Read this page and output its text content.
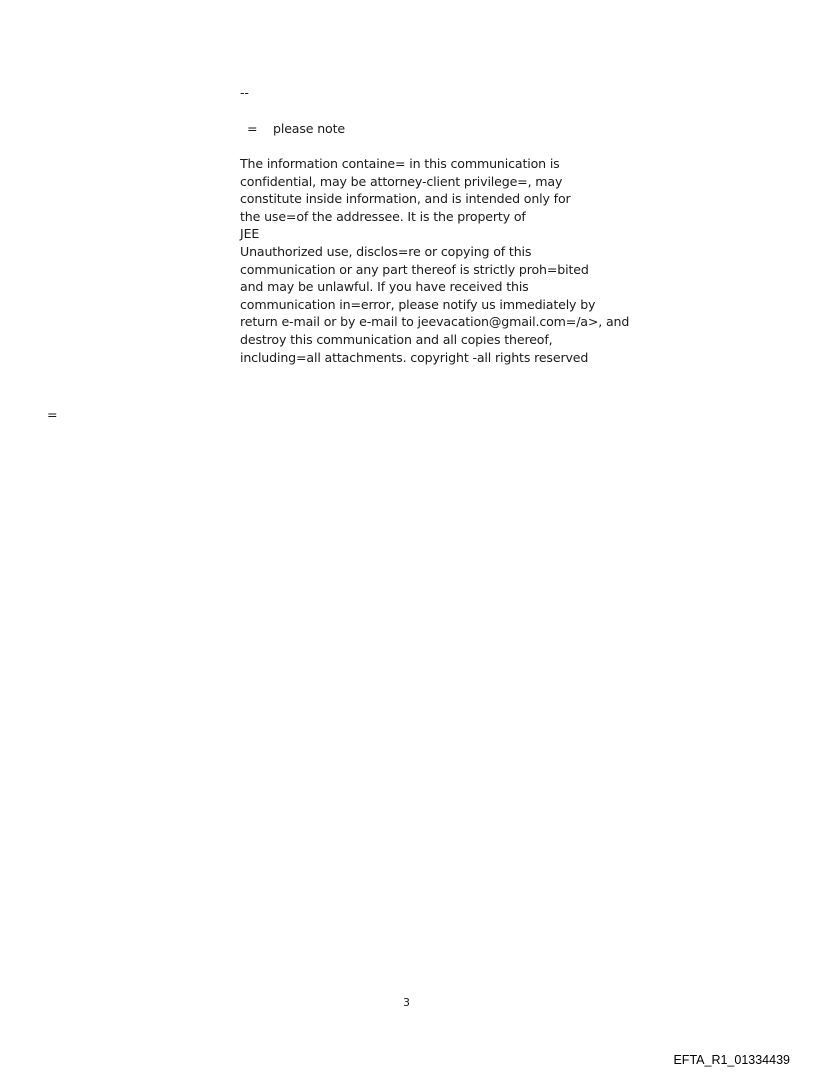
--
= please note
The information containe= in this communication is
confidential, may be attorney-client privilege=, may
constitute inside information, and is intended only for
the use=of the addressee. It is the property of
JEE
Unauthorized use, disclos=re or copying of this
communication or any part thereof is strictly proh=bited
and may be unlawful. If you have received this
communication in=error, please notify us immediately by
return e-mail or by e-mail to jeevacation@gmail.com=/a>, and
destroy this communication and all copies thereof,
including=all attachments. copyright -all rights reserved
=
3
EFTA_R1_01334439
